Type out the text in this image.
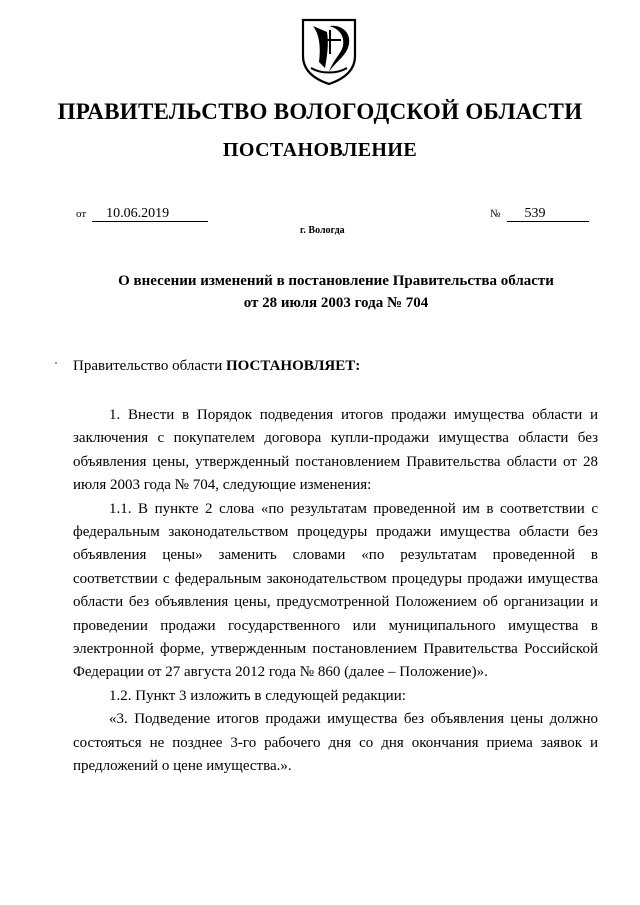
ПРАВИТЕЛЬСТВО ВОЛОГОДСКОЙ ОБЛАСТИ
ПОСТАНОВЛЕНИЕ
от 10.06.2019	№ 539
г. Вологда
О внесении изменений в постановление Правительства области
от 28 июля 2003 года № 704
Правительство области ПОСТАНОВЛЯЕТ:

1. Внести в Порядок подведения итогов продажи имущества области и заключения с покупателем договора купли-продажи имущества области без объявления цены, утвержденный постановлением Правительства области от 28 июля 2003 года № 704, следующие изменения:

1.1. В пункте 2 слова «по результатам проведенной им в соответствии с федеральным законодательством процедуры продажи имущества области без объявления цены» заменить словами «по результатам проведенной в соответствии с федеральным законодательством процедуры продажи имущества области без объявления цены, предусмотренной Положением об организации и проведении продажи государственного или муниципального имущества в электронной форме, утвержденным постановлением Правительства Российской Федерации от 27 августа 2012 года № 860 (далее – Положение)».

1.2. Пункт 3 изложить в следующей редакции:

«3. Подведение итогов продажи имущества без объявления цены должно состояться не позднее 3-го рабочего дня со дня окончания приема заявок и предложений о цене имущества.».
